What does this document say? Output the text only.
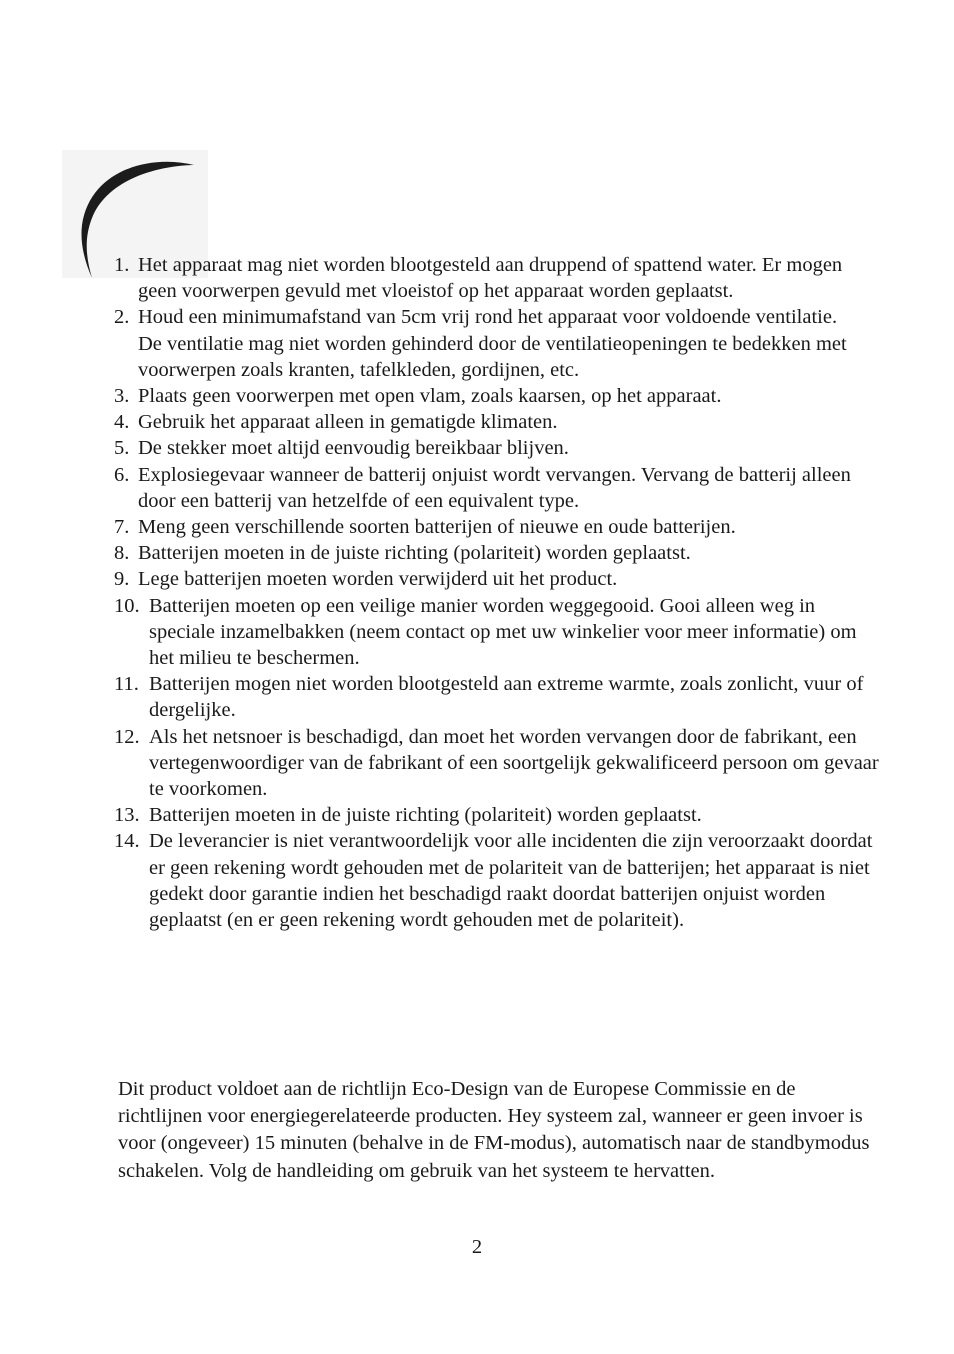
1. Het apparaat mag niet worden blootgesteld aan druppend of spattend water. Er mogen geen voorwerpen gevuld met vloeistof op het apparaat worden geplaatst.
2. Houd een minimumafstand van 5cm vrij rond het apparaat voor voldoende ventilatie.
De ventilatie mag niet worden gehinderd door de ventilatieopeningen te bedekken met voorwerpen zoals kranten, tafelkleden, gordijnen, etc.
3. Plaats geen voorwerpen met open vlam, zoals kaarsen, op het apparaat.
4. Gebruik het apparaat alleen in gematigde klimaten.
5. De stekker moet altijd eenvoudig bereikbaar blijven.
6. Explosiegevaar wanneer de batterij onjuist wordt vervangen. Vervang de batterij alleen door een batterij van hetzelfde of een equivalent type.
7. Meng geen verschillende soorten batterijen of nieuwe en oude batterijen.
8. Batterijen moeten in de juiste richting (polariteit) worden geplaatst.
9. Lege batterijen moeten worden verwijderd uit het product.
10. Batterijen moeten op een veilige manier worden weggegooid. Gooi alleen weg in speciale inzamelbakken (neem contact op met uw winkelier voor meer informatie) om het milieu te beschermen.
11. Batterijen mogen niet worden blootgesteld aan extreme warmte, zoals zonlicht, vuur of dergelijke.
12. Als het netsnoer is beschadigd, dan moet het worden vervangen door de fabrikant, een vertegenwoordiger van de fabrikant of een soortgelijk gekwalificeerd persoon om gevaar te voorkomen.
13. Batterijen moeten in de juiste richting (polariteit) worden geplaatst.
14. De leverancier is niet verantwoordelijk voor alle incidenten die zijn veroorzaakt doordat er geen rekening wordt gehouden met de polariteit van de batterijen; het apparaat is niet gedekt door garantie indien het beschadigd raakt doordat batterijen onjuist worden geplaatst (en er geen rekening wordt gehouden met de polariteit).

Dit product voldoet aan de richtlijn Eco-Design van de Europese Commissie en de richtlijnen voor energiegerelateerde producten. Hey systeem zal, wanneer er geen invoer is voor (ongeveer) 15 minuten (behalve in de FM-modus), automatisch naar de standbymodus schakelen. Volg de handleiding om gebruik van het systeem te hervatten.

2
